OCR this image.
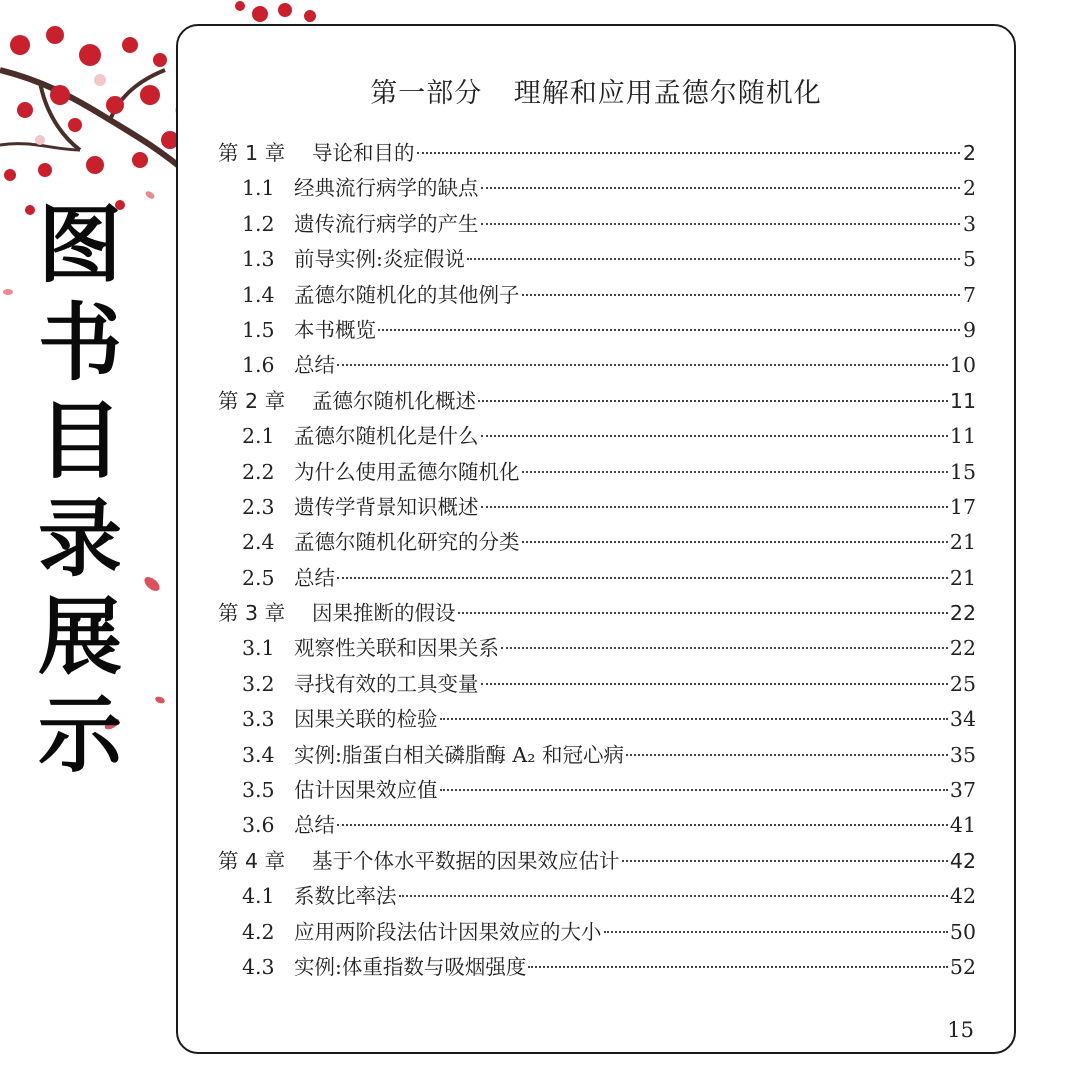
图
书
目
录
展
示
第一部分 理解和应用孟德尔随机化
第 1 章	导论和目的	2
1.1 经典流行病学的缺点	2
1.2 遗传流行病学的产生	3
1.3 前导实例:炎症假说	5
1.4 孟德尔随机化的其他例子	7
1.5 本书概览	9
1.6 总结	10
第 2 章	孟德尔随机化概述	11
2.1 孟德尔随机化是什么	11
2.2 为什么使用孟德尔随机化	15
2.3 遗传学背景知识概述	17
2.4 孟德尔随机化研究的分类	21
2.5 总结	21
第 3 章	因果推断的假设	22
3.1 观察性关联和因果关系	22
3.2 寻找有效的工具变量	25
3.3 因果关联的检验	34
3.4 实例:脂蛋白相关磷脂酶 A₂ 和冠心病	35
3.5 估计因果效应值	37
3.6 总结	41
第 4 章	基于个体水平数据的因果效应估计	42
4.1 系数比率法	42
4.2 应用两阶段法估计因果效应的大小	50
4.3 实例:体重指数与吸烟强度	52
15
